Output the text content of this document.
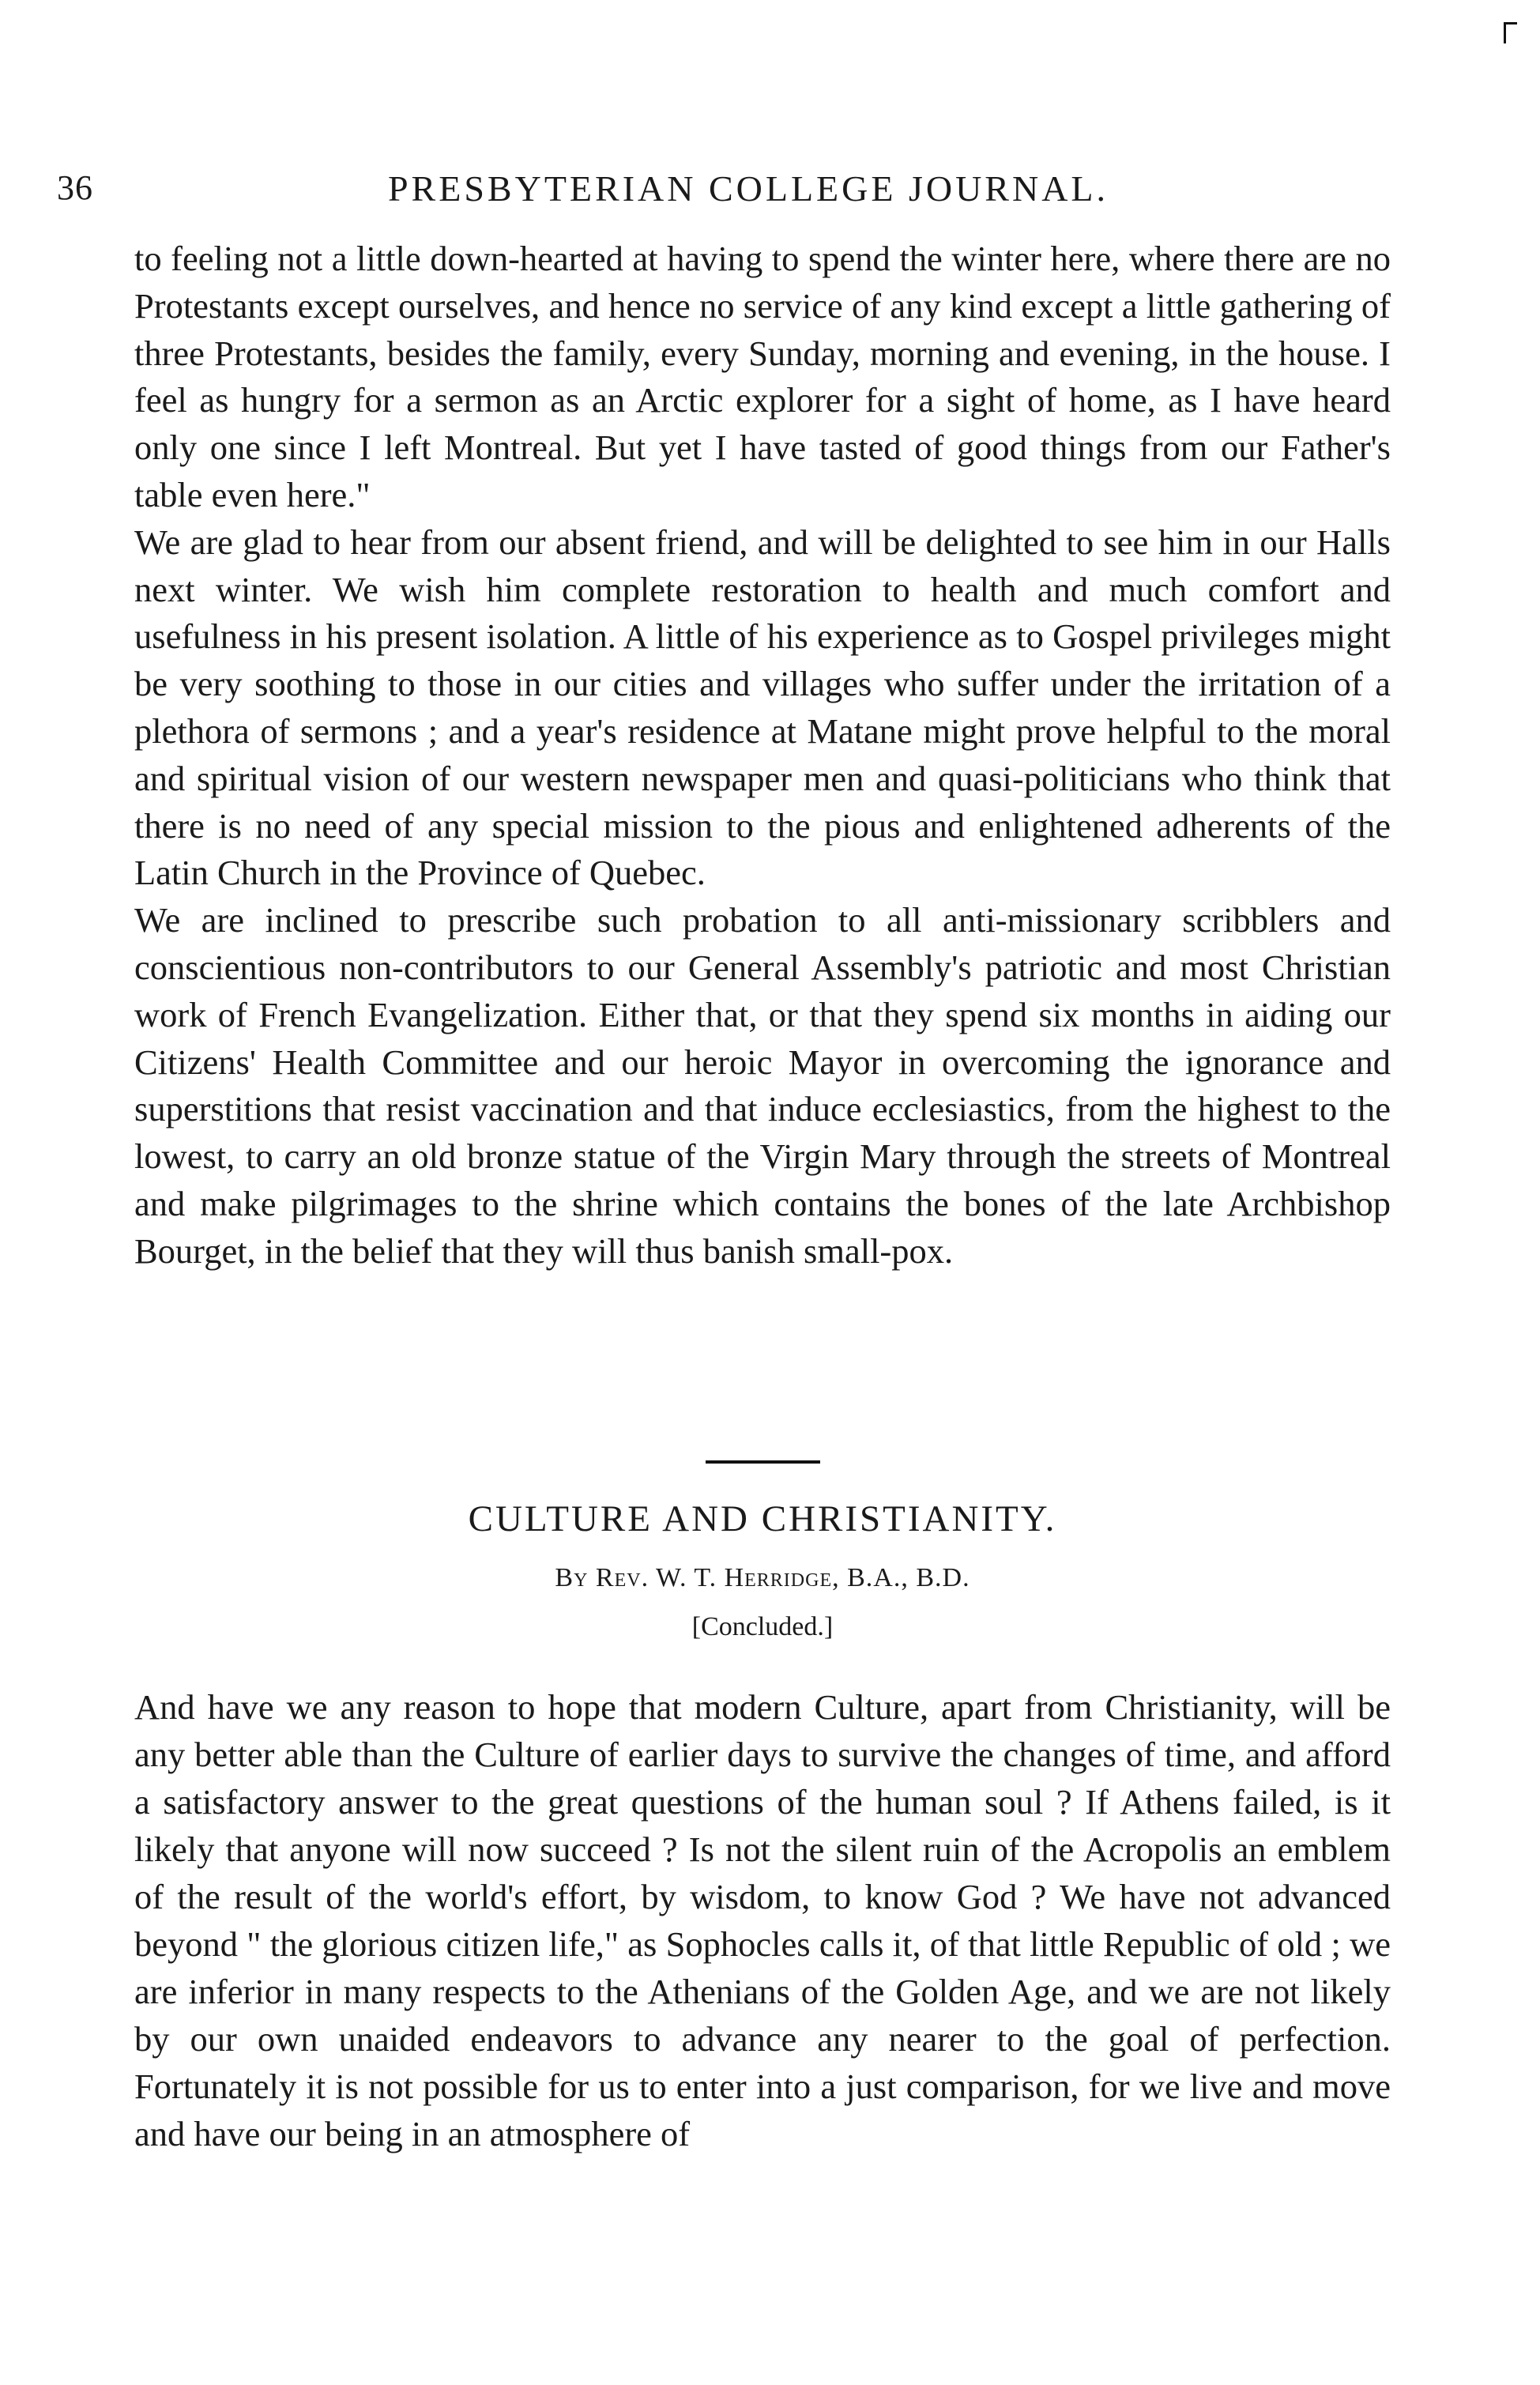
36	PRESBYTERIAN COLLEGE JOURNAL.

to feeling not a little down-hearted at having to spend the winter here, where there are no Protestants except ourselves, and hence no service of any kind except a little gathering of three Protestants, besides the family, every Sunday, morning and evening, in the house. I feel as hungry for a sermon as an Arctic explorer for a sight of home, as I have heard only one since I left Montreal. But yet I have tasted of good things from our Father's table even here."

We are glad to hear from our absent friend, and will be delighted to see him in our Halls next winter. We wish him complete restoration to health and much comfort and usefulness in his present isolation. A little of his experience as to Gospel privileges might be very soothing to those in our cities and villages who suffer under the irritation of a plethora of sermons ; and a year's residence at Matane might prove helpful to the moral and spiritual vision of our western newspaper men and quasi-politicians who think that there is no need of any special mission to the pious and enlightened adherents of the Latin Church in the Province of Quebec.

We are inclined to prescribe such probation to all anti-missionary scribblers and conscientious non-contributors to our General Assembly's patriotic and most Christian work of French Evangelization. Either that, or that they spend six months in aiding our Citizens' Health Committee and our heroic Mayor in overcoming the ignorance and superstitions that resist vaccination and that induce ecclesiastics, from the highest to the lowest, to carry an old bronze statue of the Virgin Mary through the streets of Montreal and make pilgrimages to the shrine which contains the bones of the late Archbishop Bourget, in the belief that they will thus banish small-pox.

CULTURE AND CHRISTIANITY.
By Rev. W. T. Herridge, B.A., B.D.
[Concluded.]

And have we any reason to hope that modern Culture, apart from Christianity, will be any better able than the Culture of earlier days to survive the changes of time, and afford a satisfactory answer to the great questions of the human soul ? If Athens failed, is it likely that anyone will now succeed ? Is not the silent ruin of the Acropolis an emblem of the result of the world's effort, by wisdom, to know God ? We have not advanced beyond " the glorious citizen life," as Sophocles calls it, of that little Republic of old ; we are inferior in many respects to the Athenians of the Golden Age, and we are not likely by our own unaided endeavors to advance any nearer to the goal of perfection. Fortunately it is not possible for us to enter into a just comparison, for we live and move and have our being in an atmosphere of
